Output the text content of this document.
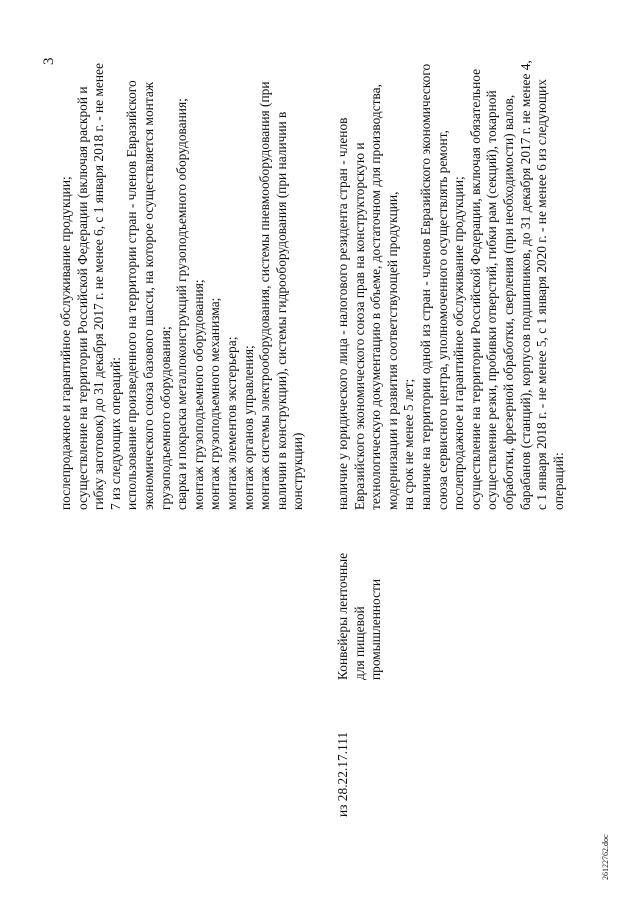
3
послепродажное и гарантийное обслуживание продукции; осуществление на территории Российской Федерации (включая раскрой и гибку заготовок) до 31 декабря 2017 г. не менее 6, с 1 января 2018 г. - не менее 7 из следующих операций: использование произведенного на территории стран - членов Евразийского экономического союза базового шасси, на которое осуществляется монтаж грузоподъемного оборудования; сварка и покраска металлоконструкций грузоподъемного оборудования; монтаж грузоподъемного оборудования; монтаж грузоподъемного механизма; монтаж элементов экстерьера; монтаж органов управления; монтаж системы электрооборудования, системы пневмооборудования (при наличии в конструкции), системы гидрооборудования (при наличии в конструкции)
из 28.22.17.111
Конвейеры ленточные для пищевой промышленности
наличие у юридического лица - налогового резидента стран - членов Евразийского экономического союза прав на конструкторскую и технологическую документацию в объеме, достаточном для производства, модернизации и развития соответствующей продукции, на срок не менее 5 лет; наличие на территории одной из стран - членов Евразийского экономического союза сервисного центра, уполномоченного осуществлять ремонт, послепродажное и гарантийное обслуживание продукции; осуществление на территории Российской Федерации, включая обязательное осуществление резки, пробивки отверстий, гибки рам (секций), токарной обработки, фрезерной обработки, сверления (при необходимости) валов, барабанов (станций), корпусов подшипников, до 31 декабря 2017 г. не менее 4, с 1 января 2018 г. - не менее 5, с 1 января 2020 г. - не менее 6 из следующих операций:
26122762.doc
